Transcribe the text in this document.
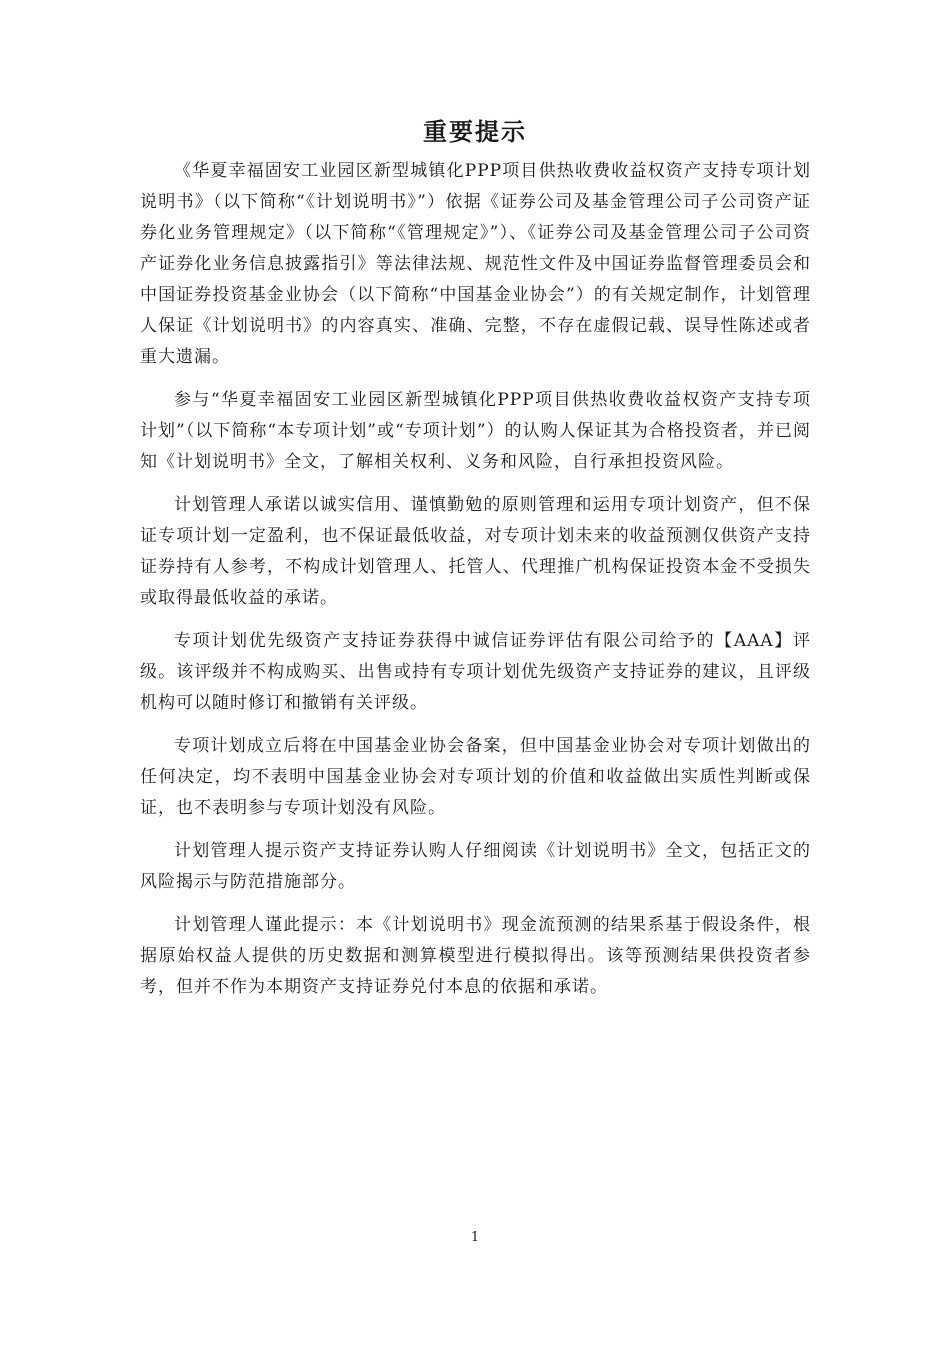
重要提示

《华夏幸福固安工业园区新型城镇化PPP项目供热收费收益权资产支持专项计划说明书》（以下简称“《计划说明书》”）依据《证券公司及基金管理公司子公司资产证券化业务管理规定》（以下简称“《管理规定》”）、《证券公司及基金管理公司子公司资产证券化业务信息披露指引》等法律法规、规范性文件及中国证券监督管理委员会和中国证券投资基金业协会（以下简称“中国基金业协会”）的有关规定制作，计划管理人保证《计划说明书》的内容真实、准确、完整，不存在虚假记载、误导性陈述或者重大遗漏。

参与“华夏幸福固安工业园区新型城镇化PPP项目供热收费收益权资产支持专项计划”（以下简称“本专项计划”或“专项计划”）的认购人保证其为合格投资者，并已阅知《计划说明书》全文，了解相关权利、义务和风险，自行承担投资风险。

计划管理人承诺以诚实信用、谨慎勤勉的原则管理和运用专项计划资产，但不保证专项计划一定盈利，也不保证最低收益，对专项计划未来的收益预测仅供资产支持证券持有人参考，不构成计划管理人、托管人、代理推广机构保证投资本金不受损失或取得最低收益的承诺。

专项计划优先级资产支持证券获得中诚信证券评估有限公司给予的【AAA】评级。该评级并不构成购买、出售或持有专项计划优先级资产支持证券的建议，且评级机构可以随时修订和撤销有关评级。

专项计划成立后将在中国基金业协会备案，但中国基金业协会对专项计划做出的任何决定，均不表明中国基金业协会对专项计划的价值和收益做出实质性判断或保证，也不表明参与专项计划没有风险。

计划管理人提示资产支持证券认购人仔细阅读《计划说明书》全文，包括正文的风险揭示与防范措施部分。

计划管理人谨此提示：本《计划说明书》现金流预测的结果系基于假设条件，根据原始权益人提供的历史数据和测算模型进行模拟得出。该等预测结果供投资者参考，但并不作为本期资产支持证券兑付本息的依据和承诺。

1
